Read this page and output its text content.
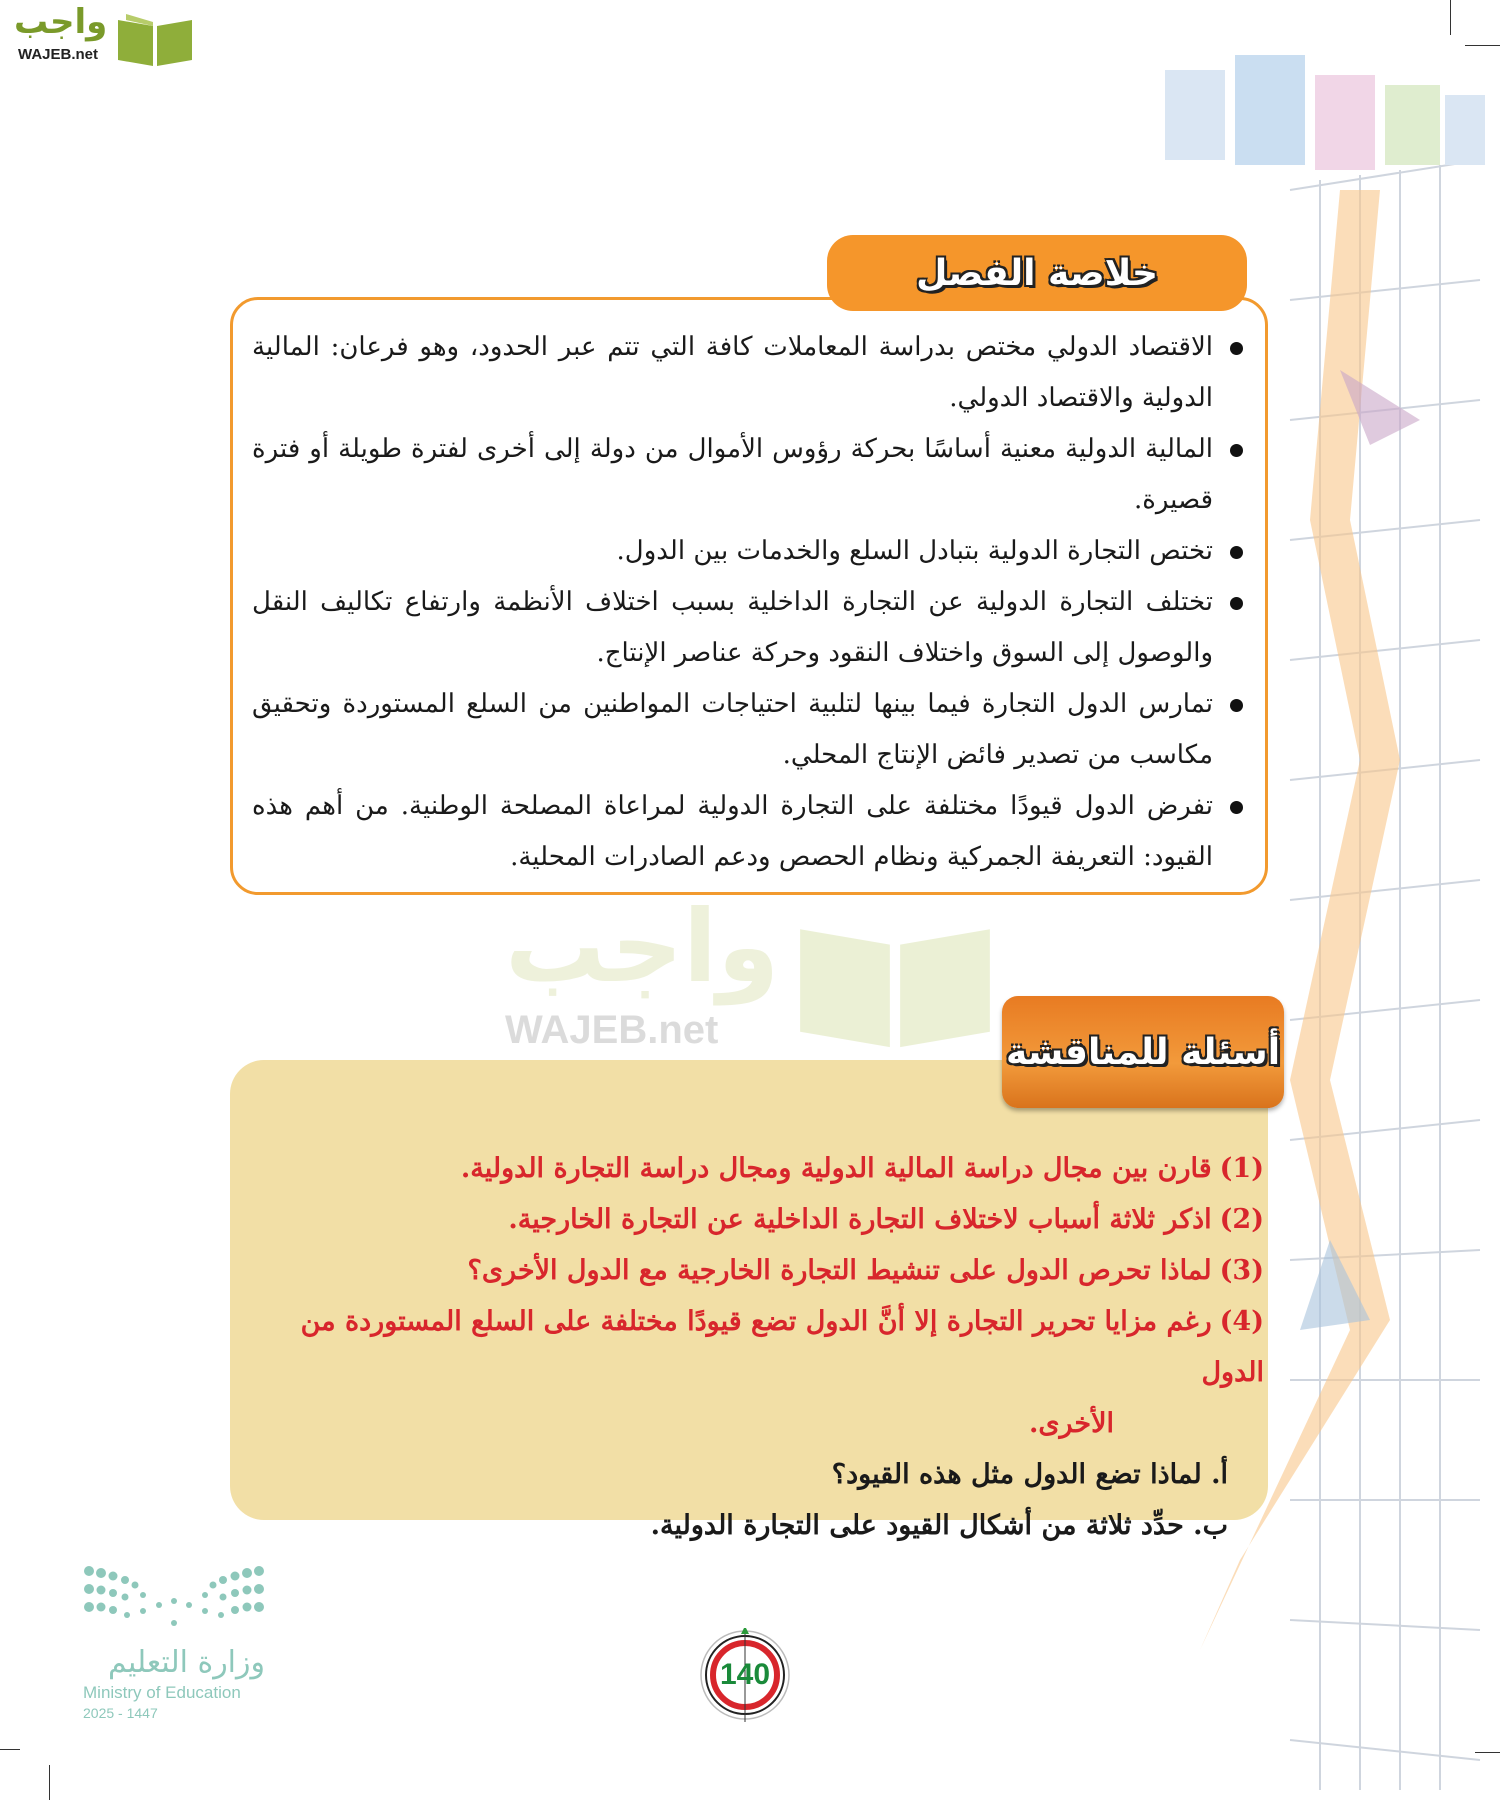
واجب
WAJEB.net
واجب
WAJEB.net
خلاصة الفصل
الاقتصاد الدولي مختص بدراسة المعاملات كافة التي تتم عبر الحدود، وهو فرعان: المالية الدولية والاقتصاد الدولي.
المالية الدولية معنية أساسًا بحركة رؤوس الأموال من دولة إلى أخرى لفترة طويلة أو فترة قصيرة.
تختص التجارة الدولية بتبادل السلع والخدمات بين الدول.
تختلف التجارة الدولية عن التجارة الداخلية بسبب اختلاف الأنظمة وارتفاع تكاليف النقل والوصول إلى السوق واختلاف النقود وحركة عناصر الإنتاج.
تمارس الدول التجارة فيما بينها لتلبية احتياجات المواطنين من السلع المستوردة وتحقيق مكاسب من تصدير فائض الإنتاج المحلي.
تفرض الدول قيودًا مختلفة على التجارة الدولية لمراعاة المصلحة الوطنية. من أهم هذه القيود: التعريفة الجمركية ونظام الحصص ودعم الصادرات المحلية.
أسئلة للمناقشة
(1)قارن بين مجال دراسة المالية الدولية ومجال دراسة التجارة الدولية.
(2)اذكر ثلاثة أسباب لاختلاف التجارة الداخلية عن التجارة الخارجية.
(3)لماذا تحرص الدول على تنشيط التجارة الخارجية مع الدول الأخرى؟
(4)رغم مزايا تحرير التجارة إلا أنَّ الدول تضع قيودًا مختلفة على السلع المستوردة من الدول
الأخرى.
أ. لماذا تضع الدول مثل هذه القيود؟
ب. حدِّد ثلاثة من أشكال القيود على التجارة الدولية.
وزارة التعليم
Ministry of Education
2025 - 1447
140
